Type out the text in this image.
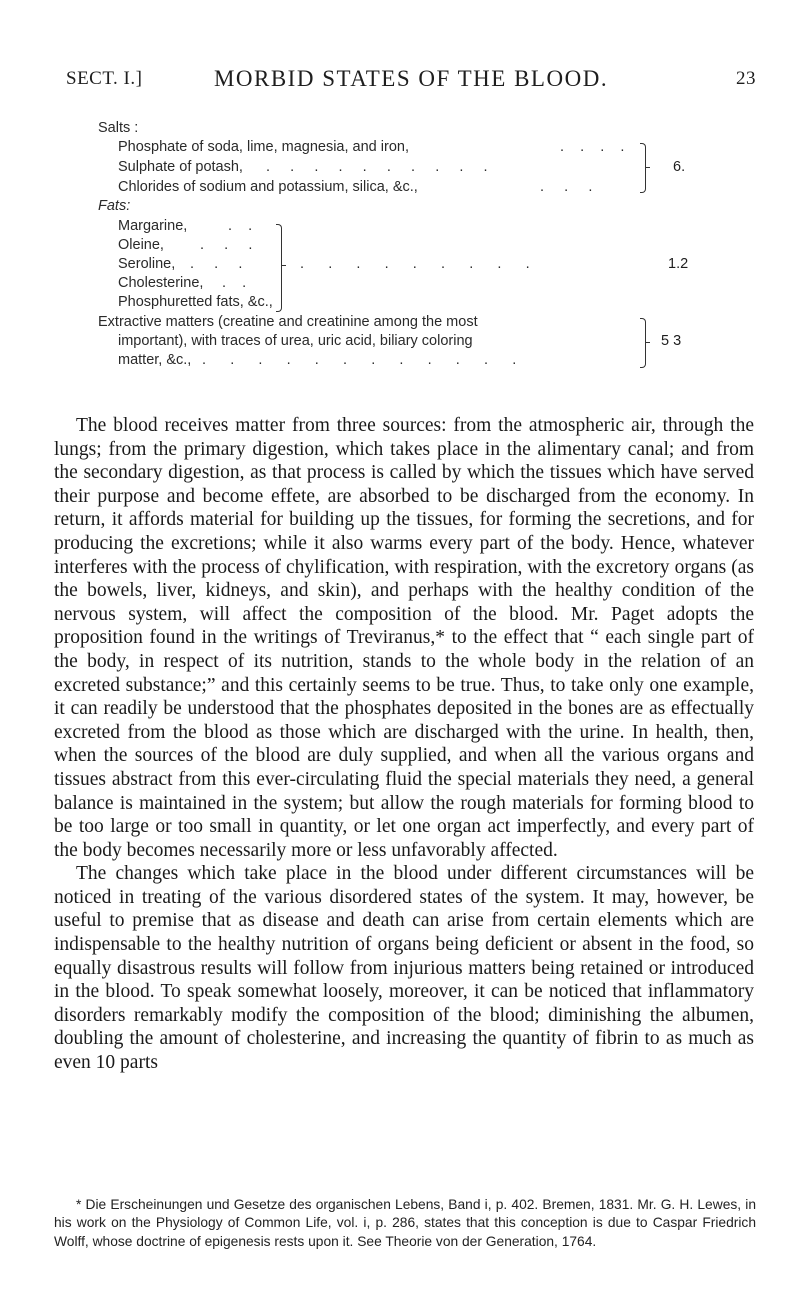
SECT. I.]	MORBID STATES OF THE BLOOD.	23
Salts :
Phosphate of soda, lime, magnesia, and iron,	.    .    .    .
Sulphate of potash, .     .     .     .     .     .     .     .     .     .
Chlorides of sodium and potassium, silica, &c.,	.     .     .
6.
Fats:
Margarine,	.    .
Oleine, .     .     .
Seroline, .     .     .	.      .      .      .      .      .      .      .      .
Cholesterine, .    .
Phosphuretted fats, &c.,
1.2
Extractive matters (creatine and creatinine among the most
important), with traces of urea, uric acid, biliary coloring
matter, &c., .      .      .      .      .      .      .      .      .      .      .      .
5 3

The blood receives matter from three sources: from the atmospheric air, through the lungs; from the primary digestion, which takes place in the alimentary canal; and from the secondary digestion, as that process is called by which the tissues which have served their purpose and become effete, are absorbed to be discharged from the economy. In return, it affords material for building up the tissues, for forming the secretions, and for producing the excretions; while it also warms every part of the body. Hence, whatever interferes with the process of chylification, with respiration, with the excretory organs (as the bowels, liver, kidneys, and skin), and perhaps with the healthy condition of the nervous system, will affect the composition of the blood. Mr. Paget adopts the proposition found in the writings of Treviranus,* to the effect that “ each single part of the body, in respect of its nutrition, stands to the whole body in the relation of an excreted substance;” and this certainly seems to be true. Thus, to take only one example, it can readily be understood that the phosphates deposited in the bones are as effectually excreted from the blood as those which are discharged with the urine. In health, then, when the sources of the blood are duly supplied, and when all the various organs and tissues abstract from this ever-circulating fluid the special materials they need, a general balance is maintained in the system; but allow the rough materials for forming blood to be too large or too small in quantity, or let one organ act imperfectly, and every part of the body becomes necessarily more or less unfavorably affected.

The changes which take place in the blood under different circumstances will be noticed in treating of the various disordered states of the system. It may, however, be useful to premise that as disease and death can arise from certain elements which are indispensable to the healthy nutrition of organs being deficient or absent in the food, so equally disastrous results will follow from injurious matters being retained or introduced in the blood. To speak somewhat loosely, moreover, it can be noticed that inflammatory disorders remarkably modify the composition of the blood; diminishing the albumen, doubling the amount of cholesterine, and increasing the quantity of fibrin to as much as even 10 parts

* Die Erscheinungen und Gesetze des organischen Lebens, Band i, p. 402. Bremen, 1831. Mr. G. H. Lewes, in his work on the Physiology of Common Life, vol. i, p. 286, states that this conception is due to Caspar Friedrich Wolff, whose doctrine of epigenesis rests upon it. See Theorie von der Generation, 1764.
